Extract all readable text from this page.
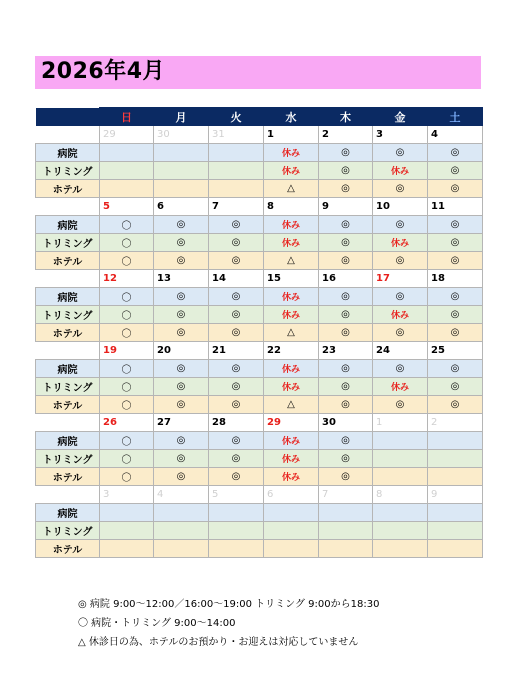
2026年4月
	日	月	火	水	木	金	土
	29	30	31	1	2	3	4
病院				休み	◎	◎	◎
トリミング				休み	◎	休み	◎
ホテル				△	◎	◎	◎
	5	6	7	8	9	10	11
病院	〇	◎	◎	休み	◎	◎	◎
トリミング	〇	◎	◎	休み	◎	休み	◎
ホテル	〇	◎	◎	△	◎	◎	◎
	12	13	14	15	16	17	18
病院	〇	◎	◎	休み	◎	◎	◎
トリミング	〇	◎	◎	休み	◎	休み	◎
ホテル	〇	◎	◎	△	◎	◎	◎
	19	20	21	22	23	24	25
病院	〇	◎	◎	休み	◎	◎	◎
トリミング	〇	◎	◎	休み	◎	休み	◎
ホテル	〇	◎	◎	△	◎	◎	◎
	26	27	28	29	30	1	2
病院	〇	◎	◎	休み	◎		
トリミング	〇	◎	◎	休み	◎		
ホテル	〇	◎	◎	休み	◎		
	3	4	5	6	7	8	9
病院							
トリミング							
ホテル							
◎ 病院 9:00～12:00／16:00～19:00 トリミング 9:00から18:30
〇 病院・トリミング 9:00～14:00
△ 休診日の為、ホテルのお預かり・お迎えは対応していません
